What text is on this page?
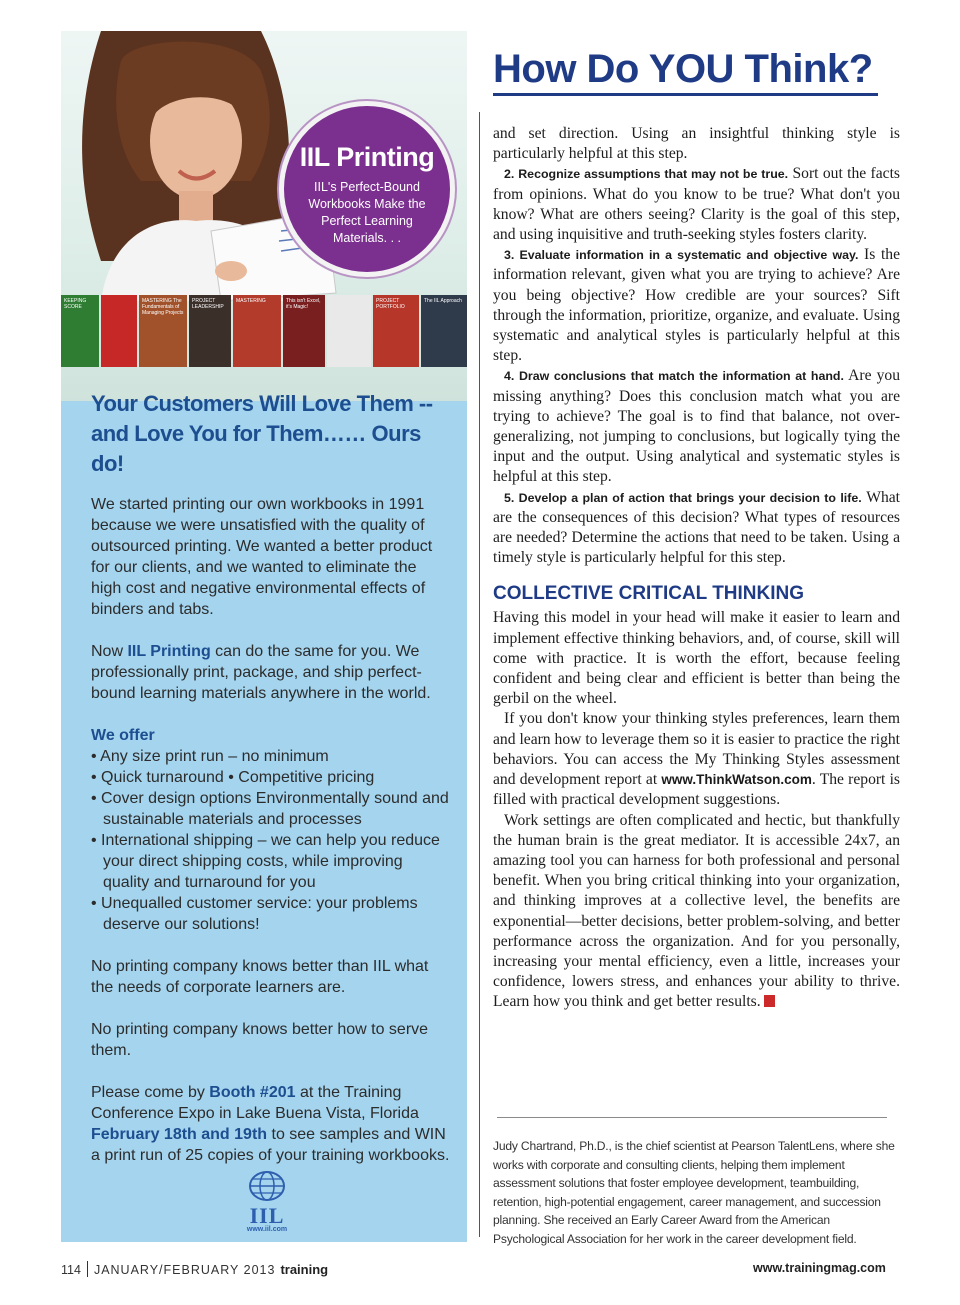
IIL Printing
IIL's Perfect-Bound Workbooks Make the Perfect Learning Materials. . .
KEEPING SCORE
POWER	MASTERING The Fundamentals of Managing Projects
PROJECT LEADERSHIP
MASTERING	This isn't Excel, it's Magic!
PROJECT PORTFOLIO
The IIL Approach
Your Customers Will Love Them -- and Love You for Them…… Ours do!

We started printing our own workbooks in 1991 because we were unsatisfied with the quality of outsourced printing. We wanted a better product for our clients, and we wanted to eliminate the high cost and negative environmental effects of binders and tabs.

Now IIL Printing can do the same for you. We professionally print, package, and ship perfect-bound learning materials anywhere in the world.

We offer

• Any size print run – no minimum
• Quick turnaround • Competitive pricing
• Cover design options Environmentally sound and sustainable materials and processes
• International shipping – we can help you reduce your direct shipping costs, while improving quality and turnaround for you
• Unequalled customer service: your problems deserve our solutions!

No printing company knows better than IIL what the needs of corporate learners are.

No printing company knows better how to serve them.

Please come by Booth #201 at the Training Conference Expo in Lake Buena Vista, Florida February 18th and 19th to see samples and WIN a print run of 25 copies of your training workbooks.

IIL
www.iil.com
How Do YOU Think?

and set direction. Using an insightful thinking style is particularly helpful at this step.

2. Recognize assumptions that may not be true. Sort out the facts from opinions. What do you know to be true? What don't you know? What are others seeing? Clarity is the goal of this step, and using inquisitive and truth-seeking styles fosters clarity.

3. Evaluate information in a systematic and objective way. Is the information relevant, given what you are trying to achieve? Are you being objective? How credible are your sources? Sift through the information, prioritize, organize, and evaluate. Using systematic and analytical styles is particularly helpful at this step.

4. Draw conclusions that match the information at hand. Are you missing anything? Does this conclusion match what you are trying to achieve? The goal is to find that balance, not over-generalizing, not jumping to conclusions, but logically tying the input and the output. Using analytical and systematic styles is helpful at this step.

5. Develop a plan of action that brings your decision to life. What are the consequences of this decision? What types of resources are needed? Determine the actions that need to be taken. Using a timely style is particularly helpful for this step.

COLLECTIVE CRITICAL THINKING

Having this model in your head will make it easier to learn and implement effective thinking behaviors, and, of course, skill will come with practice. It is worth the effort, because feeling confident and being clear and efficient is better than being the gerbil on the wheel.

If you don't know your thinking styles preferences, learn them and learn how to leverage them so it is easier to practice the right behaviors. You can access the My Thinking Styles assessment and development report at www.ThinkWatson.com. The report is filled with practical development suggestions.

Work settings are often complicated and hectic, but thankfully the human brain is the great mediator. It is accessible 24x7, an amazing tool you can harness for both professional and personal benefit. When you bring critical thinking into your organization, and thinking improves at a collective level, the benefits are exponential—better decisions, better problem-solving, and better performance across the organization. And for you personally, increasing your mental efficiency, even a little, increases your confidence, lowers stress, and enhances your ability to thrive. Learn how you think and get better results.

Judy Chartrand, Ph.D., is the chief scientist at Pearson TalentLens, where she works with corporate and consulting clients, helping them implement assessment solutions that foster employee development, teambuilding, retention, high-potential engagement, career management, and succession planning. She received an Early Career Award from the American Psychological Association for her work in the career development field.

114 JANUARY/FEBRUARY 2013 training	www.trainingmag.com
